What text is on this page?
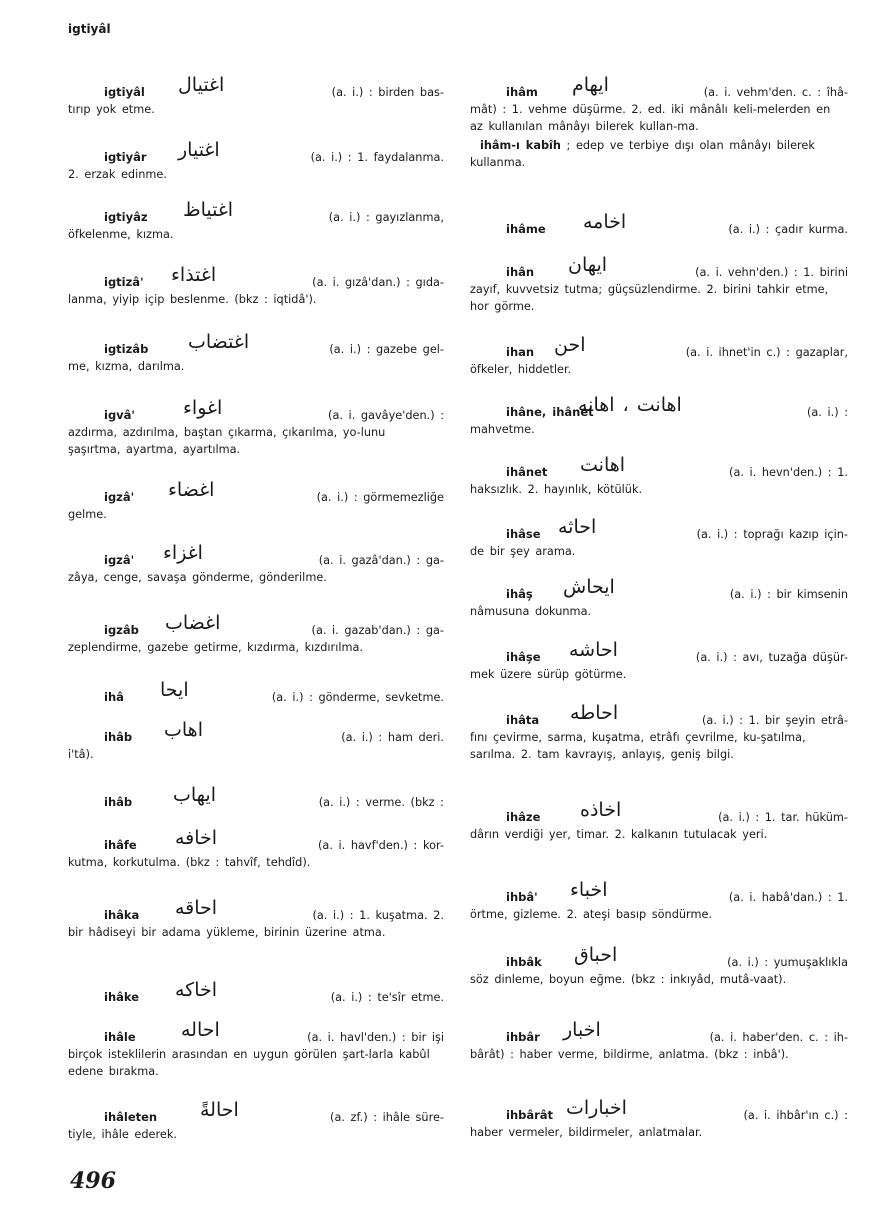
igtiyâl
igtiyâl اغتيال	(a. i.) : birden bas-
tırıp yok etme.
igtiyâr اغتيار	(a. i.) : 1. faydalanma.
2. erzak edinme.
igtiyâz اغتياظ	(a. i.) : gayızlanma,
öfkelenme, kızma.
igtizâ' اغتذاء	(a. i. gızâ'dan.) : gıda-
lanma, yiyip içip beslenme. (bkz : iqtidâ').
igtizâb اغتضاب	(a. i.) : gazebe gel-
me, kızma, darılma.
igvâ'	اغواء	(a. i. gavâye'den.) :
azdırma, azdırılma, baştan çıkarma, çıkarılma, yo-lunu şaşırtma, ayartma, ayartılma.
igzâ' اغضاء	(a. i.) : görmemezliğe
gelme.
igzâ' اغزاء	(a. i. gazâ'dan.) : ga-
zâya, cenge, savaşa gönderme, gönderilme.
igzâb اغضاب	(a. i. gazab'dan.) : ga-
zeplendirme, gazebe getirme, kızdırma, kızdırılma.
ihâ ايحا	(a. i.) : gönderme, sevketme.
ihâb اهاب	(a. i.) : ham deri.
i'tâ).
ihâb ايهاب	(a. i.) : verme. (bkz :
ihâfe اخافه	(a. i. havf'den.) : kor-
kutma, korkutulma. (bkz : tahvîf, tehdîd).
ihâka احاقه	(a. i.) : 1. kuşatma. 2.
bir hâdiseyi bir adama yükleme, birinin üzerine atma.
ihâke اخاكه	(a. i.) : te'sîr etme.
ihâle احاله	(a. i. havl'den.) : bir işi
birçok isteklilerin arasından en uygun görülen şart-larla kabûl edene bırakma.
ihâleten احالةً	(a. zf.) : ihâle süre-
tiyle, ihâle ederek.
ihâm ايهام	(a. i. vehm'den. c. : îhâ-
mât) : 1. vehme düşürme. 2. ed. iki mânâlı keli-melerden en az kullanılan mânâyı bilerek kullan-ma.
ihâm-ı kabîh ; edep ve terbiye dışı olan mânâyı bilerek kullanma.
ihâme اخامه	(a. i.) : çadır kurma.
ihân ايهان	(a. i. vehn'den.) : 1. birini
zayıf, kuvvetsiz tutma; güçsüzlendirme. 2. birini tahkir etme, hor görme.
ihan احن	(a. i. ihnet'in c.) : gazaplar,
öfkeler, hiddetler.
ihâne, ihânet
اهانت ، اهانه	(a. i.) :
mahvetme.
ihânet اهانت	(a. i. hevn'den.) : 1.
haksızlık. 2. hayınlık, kötülük.
ihâse احاثه	(a. i.) : toprağı kazıp için-
de bir şey arama.
ihâş ايحاش	(a. i.) : bir kimsenin
nâmusuna dokunma.
ihâşe احاشه	(a. i.) : avı, tuzağa düşür-
mek üzere sürüp götürme.
ihâta احاطه	(a. i.) : 1. bir şeyin etrâ-
fını çevirme, sarma, kuşatma, etrâfı çevrilme, ku-şatılma, sarılma. 2. tam kavrayış, anlayış, geniş bilgi.
ihâze اخاذه	(a. i.) : 1. tar. hüküm-
dârın verdiği yer, timar. 2. kalkanın tutulacak yeri.
ihbâ' اخباء	(a. i. habâ'dan.) : 1.
örtme, gizleme. 2. ateşi basıp söndürme.
ihbâk احباق	(a. i.) : yumuşaklıkla
söz dinleme, boyun eğme. (bkz : inkıyâd, mutâ-vaat).
ihbâr اخبار	(a. i. haber'den. c. : ih-
bârât) : haber verme, bildirme, anlatma. (bkz : inbâ').
ihbârât اخبارات	(a. i. ihbâr'ın c.) :
haber vermeler, bildirmeler, anlatmalar.
496
